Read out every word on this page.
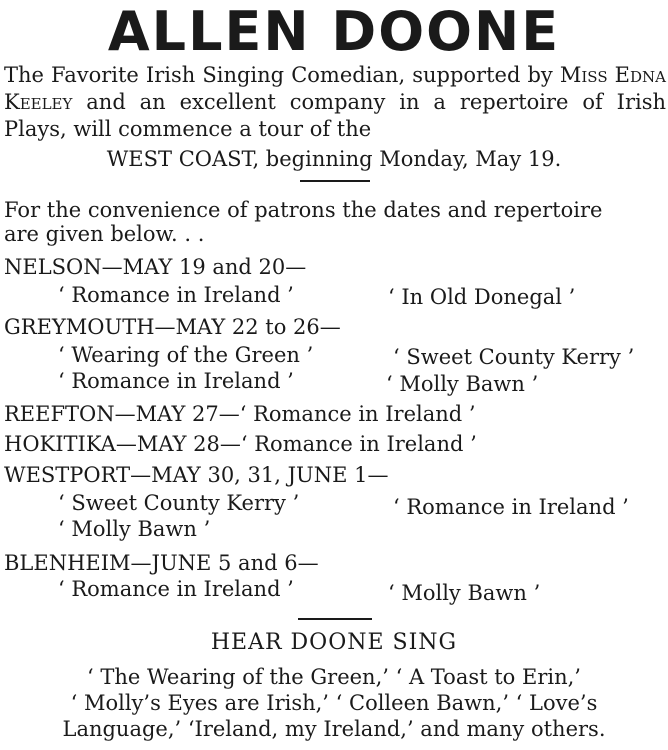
ALLEN DOONE
The Favorite Irish Singing Comedian, supported by Miss Edna Keeley and an excellent company in a repertoire of Irish Plays, will commence a tour of the
WEST COAST, beginning Monday, May 19.
For the convenience of patrons the dates and repertoire
are given below. . .
NELSON—MAY 19 and 20—
‘ Romance in Ireland ’	‘ In Old Donegal ’
GREYMOUTH—MAY 22 to 26—
‘ Wearing of the Green ’	‘ Sweet County Kerry ’
‘ Romance in Ireland ’	‘ Molly Bawn ’
REEFTON—MAY 27—‘ Romance in Ireland ’
HOKITIKA—MAY 28—‘ Romance in Ireland ’
WESTPORT—MAY 30, 31, JUNE 1—
‘ Sweet County Kerry ’	‘ Romance in Ireland ’
‘ Molly Bawn ’
BLENHEIM—JUNE 5 and 6—
‘ Romance in Ireland ’	‘ Molly Bawn ’
HEAR DOONE SING
‘ The Wearing of the Green,’ ‘ A Toast to Erin,’
‘ Molly’s Eyes are Irish,’ ‘ Colleen Bawn,’ ‘ Love’s
Language,’ ‘Ireland, my Ireland,’ and many others.
